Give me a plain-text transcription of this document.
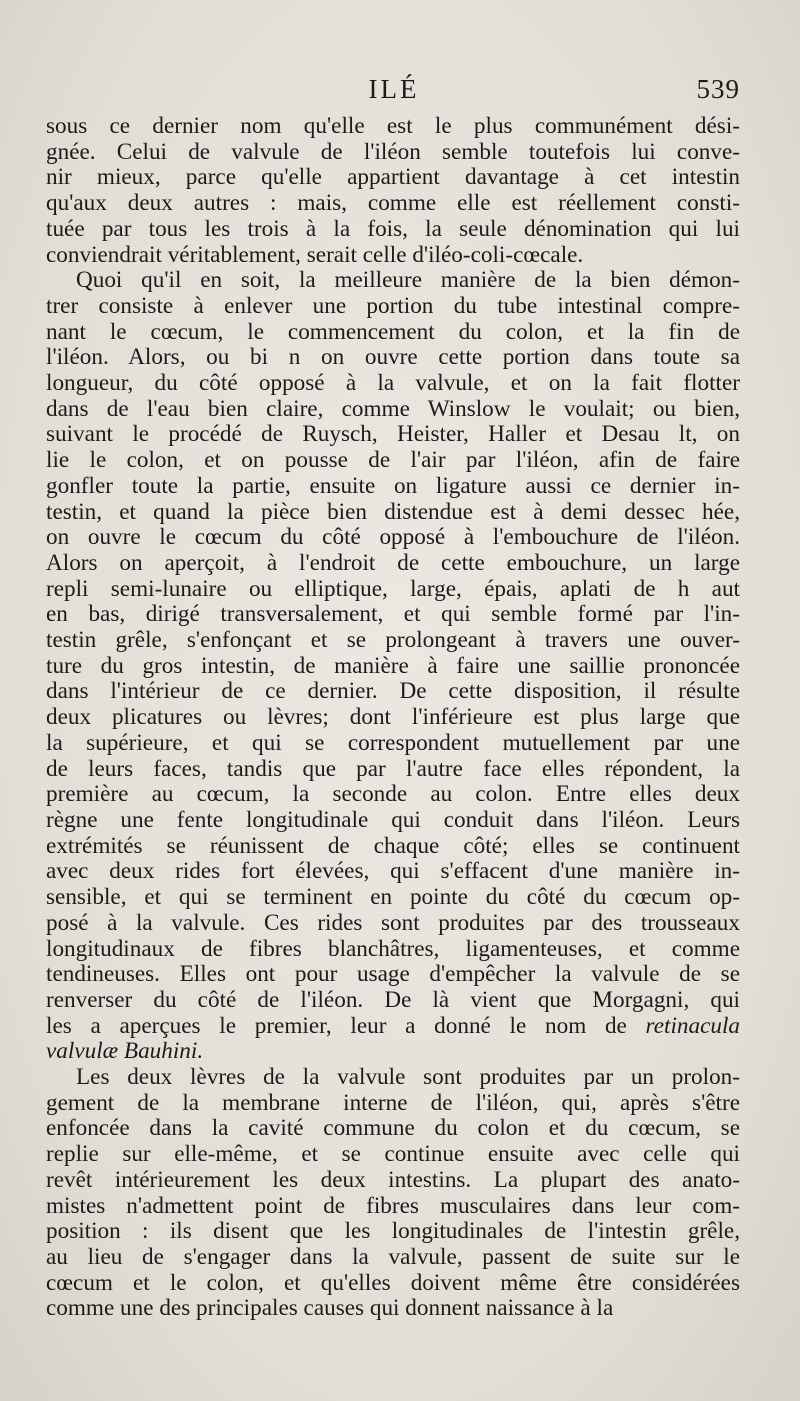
ILÉ	539
sous ce dernier nom qu'elle est le plus communément dési-
gnée. Celui de valvule de l'iléon semble toutefois lui conve-
nir mieux, parce qu'elle appartient davantage à cet intestin
qu'aux deux autres : mais, comme elle est réellement consti-
tuée par tous les trois à la fois, la seule dénomination qui lui
conviendrait véritablement, serait celle d'iléo-coli-cœcale.
Quoi qu'il en soit, la meilleure manière de la bien démon-
trer consiste à enlever une portion du tube intestinal compre-
nant le cœcum, le commencement du colon, et la fin de
l'iléon. Alors, ou bi n on ouvre cette portion dans toute sa
longueur, du côté opposé à la valvule, et on la fait flotter
dans de l'eau bien claire, comme Winslow le voulait; ou bien,
suivant le procédé de Ruysch, Heister, Haller et Desau lt, on
lie le colon, et on pousse de l'air par l'iléon, afin de faire
gonfler toute la partie, ensuite on ligature aussi ce dernier in-
testin, et quand la pièce bien distendue est à demi dessec hée,
on ouvre le cœcum du côté opposé à l'embouchure de l'iléon.
Alors on aperçoit, à l'endroit de cette embouchure, un large
repli semi-lunaire ou elliptique, large, épais, aplati de h aut
en bas, dirigé transversalement, et qui semble formé par l'in-
testin grêle, s'enfonçant et se prolongeant à travers une ouver-
ture du gros intestin, de manière à faire une saillie prononcée
dans l'intérieur de ce dernier. De cette disposition, il résulte
deux plicatures ou lèvres; dont l'inférieure est plus large que
la supérieure, et qui se correspondent mutuellement par une
de leurs faces, tandis que par l'autre face elles répondent, la
première au cœcum, la seconde au colon. Entre elles deux
règne une fente longitudinale qui conduit dans l'iléon. Leurs
extrémités se réunissent de chaque côté; elles se continuent
avec deux rides fort élevées, qui s'effacent d'une manière in-
sensible, et qui se terminent en pointe du côté du cœcum op-
posé à la valvule. Ces rides sont produites par des trousseaux
longitudinaux de fibres blanchâtres, ligamenteuses, et comme
tendineuses. Elles ont pour usage d'empêcher la valvule de se
renverser du côté de l'iléon. De là vient que Morgagni, qui
les a aperçues le premier, leur a donné le nom de retinacula
valvulæ Bauhini.
Les deux lèvres de la valvule sont produites par un prolon-
gement de la membrane interne de l'iléon, qui, après s'être
enfoncée dans la cavité commune du colon et du cœcum, se
replie sur elle-même, et se continue ensuite avec celle qui
revêt intérieurement les deux intestins. La plupart des anato-
mistes n'admettent point de fibres musculaires dans leur com-
position : ils disent que les longitudinales de l'intestin grêle,
au lieu de s'engager dans la valvule, passent de suite sur le
cœcum et le colon, et qu'elles doivent même être considérées
comme une des principales causes qui donnent naissance à la
